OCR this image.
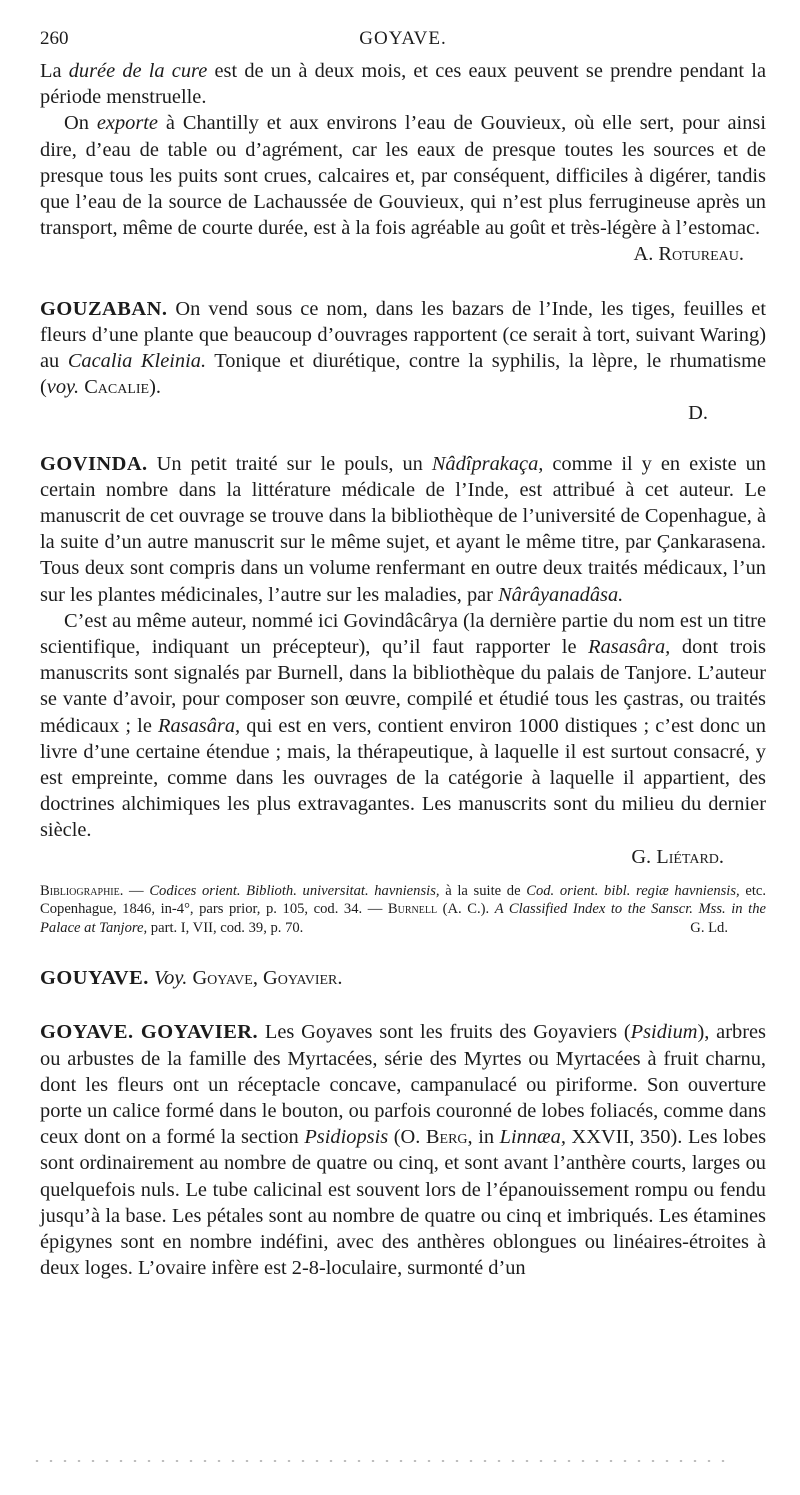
260	GOYAVE.

La durée de la cure est de un à deux mois, et ces eaux peuvent se prendre pendant la période menstruelle.

On exporte à Chantilly et aux environs l’eau de Gouvieux, où elle sert, pour ainsi dire, d’eau de table ou d’agrément, car les eaux de presque toutes les sources et de presque tous les puits sont crues, calcaires et, par conséquent, difficiles à digérer, tandis que l’eau de la source de Lachaussée de Gouvieux, qui n’est plus ferrugineuse après un transport, même de courte durée, est à la fois agréable au goût et très-légère à l’estomac.

A. Rotureau.

GOUZABAN. On vend sous ce nom, dans les bazars de l’Inde, les tiges, feuilles et fleurs d’une plante que beaucoup d’ouvrages rapportent (ce serait à tort, suivant Waring) au Cacalia Kleinia. Tonique et diurétique, contre la syphilis, la lèpre, le rhumatisme (voy. Cacalie).

D.

GOVINDA. Un petit traité sur le pouls, un Nâdîprakaça, comme il y en existe un certain nombre dans la littérature médicale de l’Inde, est attribué à cet auteur. Le manuscrit de cet ouvrage se trouve dans la bibliothèque de l’université de Copenhague, à la suite d’un autre manuscrit sur le même sujet, et ayant le même titre, par Çankarasena. Tous deux sont compris dans un volume renfermant en outre deux traités médicaux, l’un sur les plantes médicinales, l’autre sur les maladies, par Nârâyanadâsa.

C’est au même auteur, nommé ici Govindâcârya (la dernière partie du nom est un titre scientifique, indiquant un précepteur), qu’il faut rapporter le Rasasâra, dont trois manuscrits sont signalés par Burnell, dans la bibliothèque du palais de Tanjore. L’auteur se vante d’avoir, pour composer son œuvre, compilé et étudié tous les çastras, ou traités médicaux ; le Rasasâra, qui est en vers, contient environ 1000 distiques ; c’est donc un livre d’une certaine étendue ; mais, la thérapeutique, à laquelle il est surtout consacré, y est empreinte, comme dans les ouvrages de la catégorie à laquelle il appartient, des doctrines alchimiques les plus extravagantes. Les manuscrits sont du milieu du dernier siècle.

G. Liétard.

Bibliographie. — Codices orient. Biblioth. universitat. havniensis, à la suite de Cod. orient. bibl. regiæ havniensis, etc. Copenhague, 1846, in-4°, pars prior, p. 105, cod. 34. — Burnell (A. C.). A Classified Index to the Sanscr. Mss. in the Palace at Tanjore, part. I, VII, cod. 39, p. 70.	G. Ld.

GOUYAVE. Voy. Goyave, Goyavier.

GOYAVE. GOYAVIER. Les Goyaves sont les fruits des Goyaviers (Psidium), arbres ou arbustes de la famille des Myrtacées, série des Myrtes ou Myrtacées à fruit charnu, dont les fleurs ont un réceptacle concave, campanulacé ou piriforme. Son ouverture porte un calice formé dans le bouton, ou parfois couronné de lobes foliacés, comme dans ceux dont on a formé la section Psidiopsis (O. Berg, in Linnæa, XXVII, 350). Les lobes sont ordinairement au nombre de quatre ou cinq, et sont avant l’anthère courts, larges ou quelquefois nuls. Le tube calicinal est souvent lors de l’épanouissement rompu ou fendu jusqu’à la base. Les pétales sont au nombre de quatre ou cinq et imbriqués. Les étamines épigynes sont en nombre indéfini, avec des anthères oblongues ou linéaires-étroites à deux loges. L’ovaire infère est 2-8-loculaire, surmonté d’un
